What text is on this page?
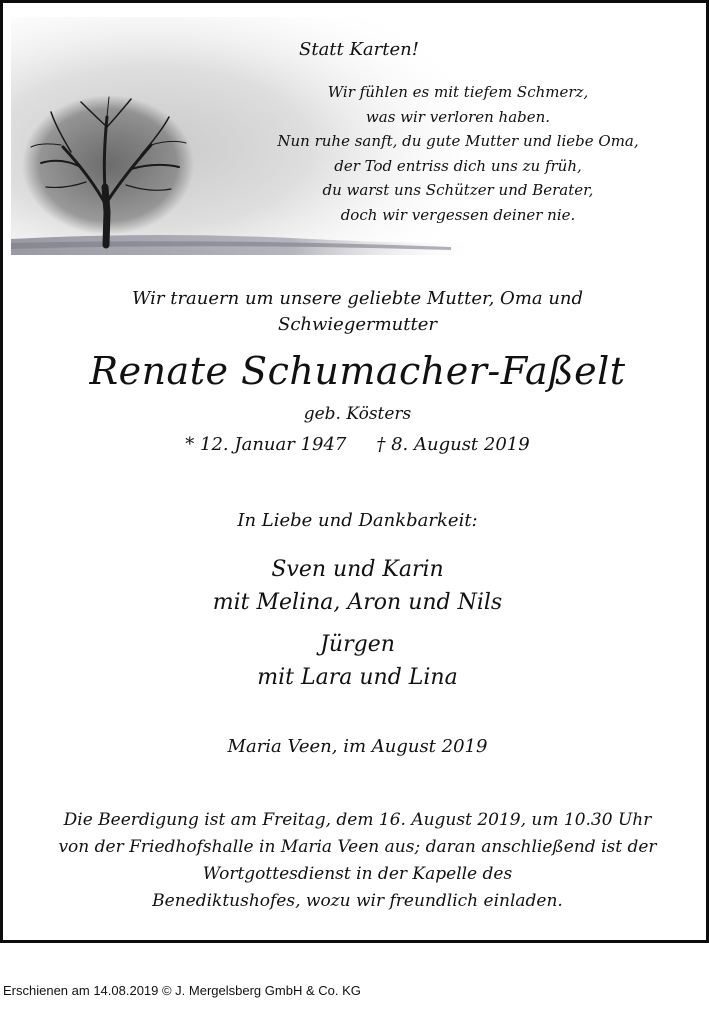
Statt Karten!
Wir fühlen es mit tiefem Schmerz,
was wir verloren haben.
Nun ruhe sanft, du gute Mutter und liebe Oma,
der Tod entriss dich uns zu früh,
du warst uns Schützer und Berater,
doch wir vergessen deiner nie.
Wir trauern um unsere geliebte Mutter, Oma und
Schwiegermutter
Renate Schumacher-Faßelt
geb. Kösters
* 12. Januar 1947 † 8. August 2019
In Liebe und Dankbarkeit:
Sven und Karin
mit Melina, Aron und Nils
Jürgen
mit Lara und Lina
Maria Veen, im August 2019
Die Beerdigung ist am Freitag, dem 16. August 2019, um 10.30 Uhr
von der Friedhofshalle in Maria Veen aus; daran anschließend ist der
Wortgottesdienst in der Kapelle des
Benediktushofes, wozu wir freundlich einladen.
Erschienen am 14.08.2019 © J. Mergelsberg GmbH & Co. KG
